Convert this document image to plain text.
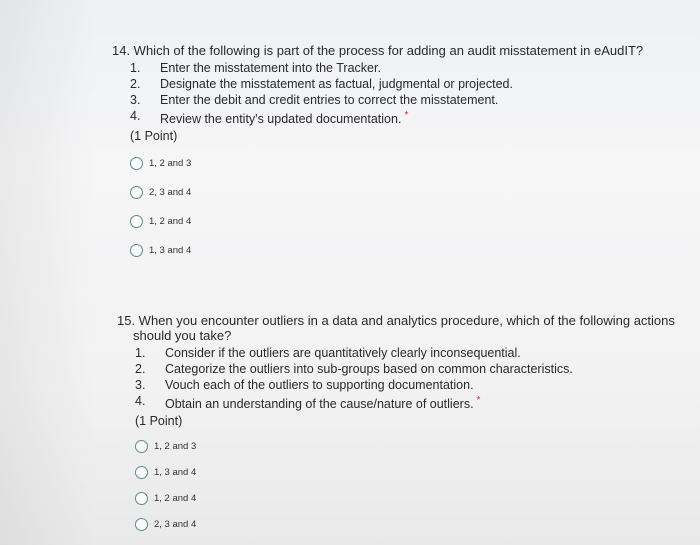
14. Which of the following is part of the process for adding an audit misstatement in eAudIT?

1.	Enter the misstatement into the Tracker.
2.	Designate the misstatement as factual, judgmental or projected.
3.	Enter the debit and credit entries to correct the misstatement.
4.	Review the entity's updated documentation. *
(1 Point)
1, 2 and 3
2, 3 and 4
1, 2 and 4
1, 3 and 4

15. When you encounter outliers in a data and analytics procedure, which of the following actions should you take?

1.	Consider if the outliers are quantitatively clearly inconsequential.
2.	Categorize the outliers into sub-groups based on common characteristics.
3.	Vouch each of the outliers to supporting documentation.
4.	Obtain an understanding of the cause/nature of outliers. *
(1 Point)
1, 2 and 3
1, 3 and 4
1, 2 and 4
2, 3 and 4
